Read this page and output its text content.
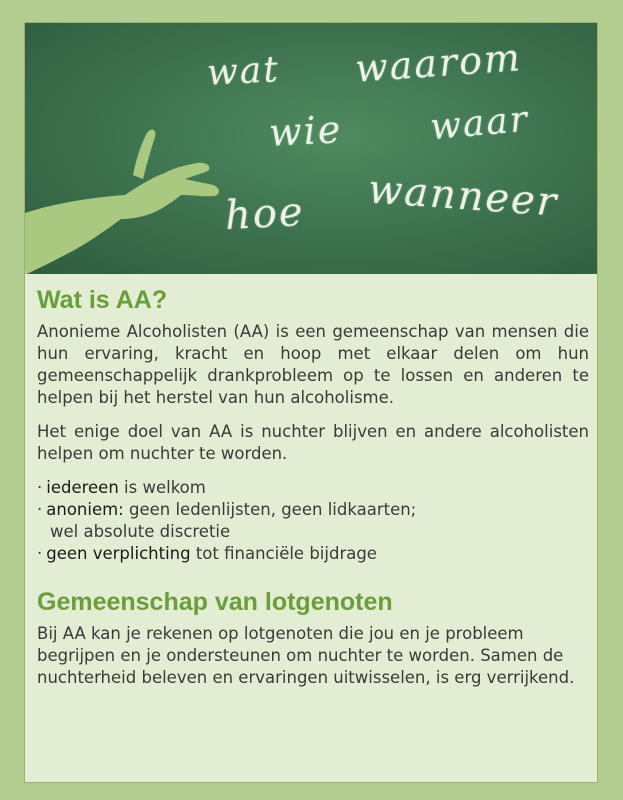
wat waarom
wie waar
hoe wanneer
Wat is AA?

Anonieme Alcoholisten (AA) is een gemeenschap van mensen die hun ervaring, kracht en hoop met elkaar delen om hun gemeenschappelijk drankprobleem op te lossen en anderen te helpen bij het herstel van hun alcoholisme.

Het enige doel van AA is nuchter blijven en andere alcoholisten helpen om nuchter te worden.

· iedereen is welkom
· anoniem: geen ledenlijsten, geen lidkaarten;
wel absolute discretie
· geen verplichting tot financiële bijdrage
Gemeenschap van lotgenoten

Bij AA kan je rekenen op lotgenoten die jou en je probleem begrijpen en je ondersteunen om nuchter te worden. Samen de nuchterheid beleven en ervaringen uitwisselen, is erg verrijkend.
